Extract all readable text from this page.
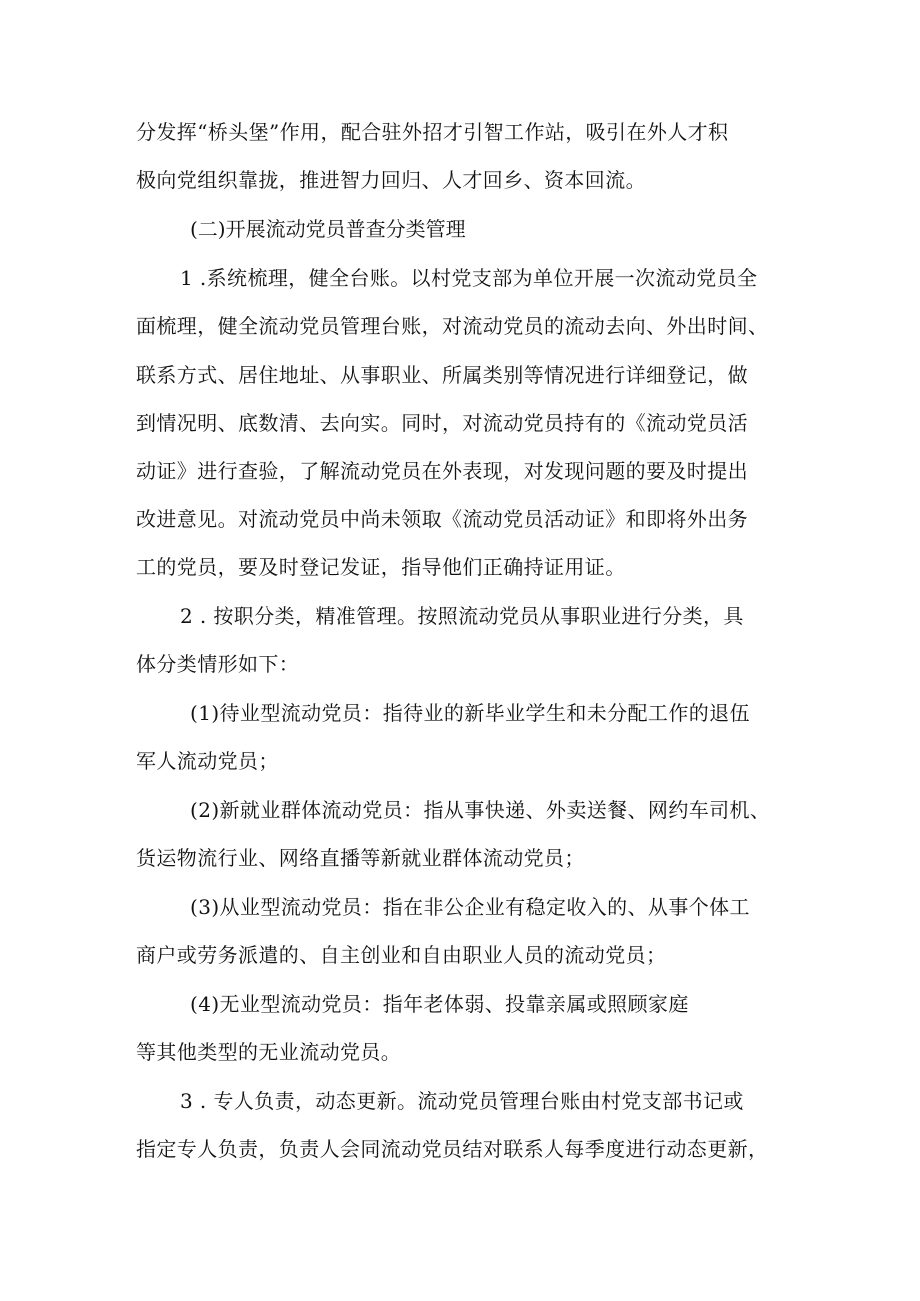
分发挥“桥头堡”作用，配合驻外招才引智工作站，吸引在外人才积
极向党组织靠拢，推进智力回归、人才回乡、资本回流。
(二)开展流动党员普查分类管理
1 .系统梳理，健全台账。以村党支部为单位开展一次流动党员全
面梳理，健全流动党员管理台账，对流动党员的流动去向、外出时间、
联系方式、居住地址、从事职业、所属类别等情况进行详细登记，做
到情况明、底数清、去向实。同时，对流动党员持有的《流动党员活
动证》进行查验，了解流动党员在外表现，对发现问题的要及时提出
改进意见。对流动党员中尚未领取《流动党员活动证》和即将外出务
工的党员，要及时登记发证，指导他们正确持证用证。
2 . 按职分类，精准管理。按照流动党员从事职业进行分类，具
体分类情形如下：
(1)待业型流动党员：指待业的新毕业学生和未分配工作的退伍
军人流动党员；
(2)新就业群体流动党员：指从事快递、外卖送餐、网约车司机、
货运物流行业、网络直播等新就业群体流动党员；
(3)从业型流动党员：指在非公企业有稳定收入的、从事个体工
商户或劳务派遣的、自主创业和自由职业人员的流动党员；
(4)无业型流动党员：指年老体弱、投靠亲属或照顾家庭
等其他类型的无业流动党员。
3 . 专人负责，动态更新。流动党员管理台账由村党支部书记或
指定专人负责，负责人会同流动党员结对联系人每季度进行动态更新，
